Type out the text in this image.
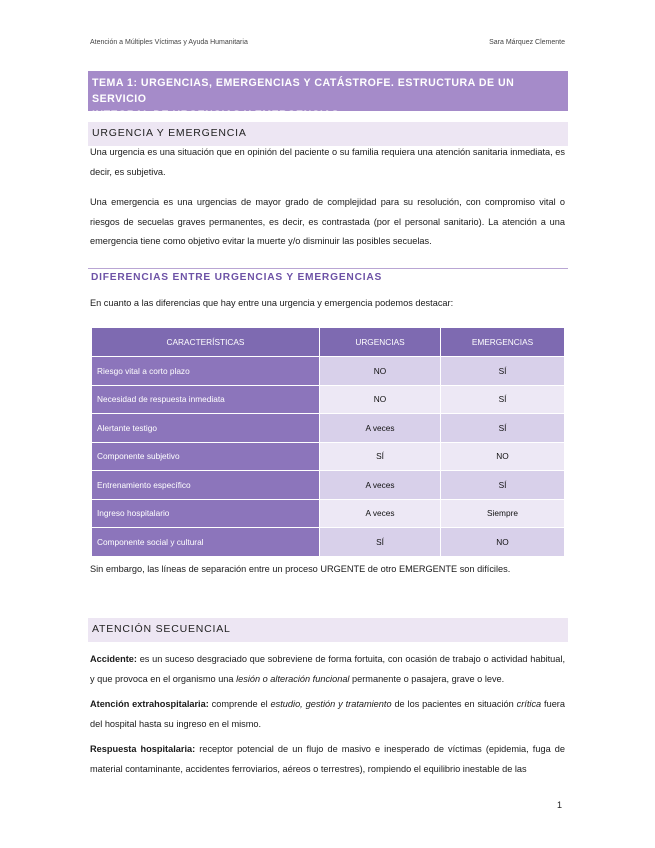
Atención a Múltiples Víctimas y Ayuda Humanitaria	Sara Márquez Clemente
TEMA 1: URGENCIAS, EMERGENCIAS Y CATÁSTROFE. ESTRUCTURA DE UN SERVICIO
INTEGRAL DE URGENCIAS Y EMERGENCIAS
URGENCIA Y EMERGENCIA

Una urgencia es una situación que en opinión del paciente o su familia requiera una atención sanitaria inmediata, es decir, es subjetiva.

Una emergencia es una urgencias de mayor grado de complejidad para su resolución, con compromiso vital o riesgos de secuelas graves permanentes, es decir, es contrastada (por el personal sanitario). La atención a una emergencia tiene como objetivo evitar la muerte y/o disminuir las posibles secuelas.

DIFERENCIAS ENTRE URGENCIAS Y EMERGENCIAS

En cuanto a las diferencias que hay entre una urgencia y emergencia podemos destacar:

CARACTERÍSTICAS	URGENCIAS	EMERGENCIAS
Riesgo vital a corto plazo	NO	SÍ
Necesidad de respuesta inmediata	NO	SÍ
Alertante testigo	A veces	SÍ
Componente subjetivo	SÍ	NO
Entrenamiento específico	A veces	SÍ
Ingreso hospitalario	A veces	Siempre
Componente social y cultural	SÍ	NO

Sin embargo, las líneas de separación entre un proceso URGENTE de otro EMERGENTE son difíciles.

ATENCIÓN SECUENCIAL

Accidente: es un suceso desgraciado que sobreviene de forma fortuita, con ocasión de trabajo o actividad habitual, y que provoca en el organismo una lesión o alteración funcional permanente o pasajera, grave o leve.

Atención extrahospitalaria: comprende el estudio, gestión y tratamiento de los pacientes en situación crítica fuera del hospital hasta su ingreso en el mismo.

Respuesta hospitalaria: receptor potencial de un flujo de masivo e inesperado de víctimas (epidemia, fuga de material contaminante, accidentes ferroviarios, aéreos o terrestres), rompiendo el equilibrio inestable de las

1
